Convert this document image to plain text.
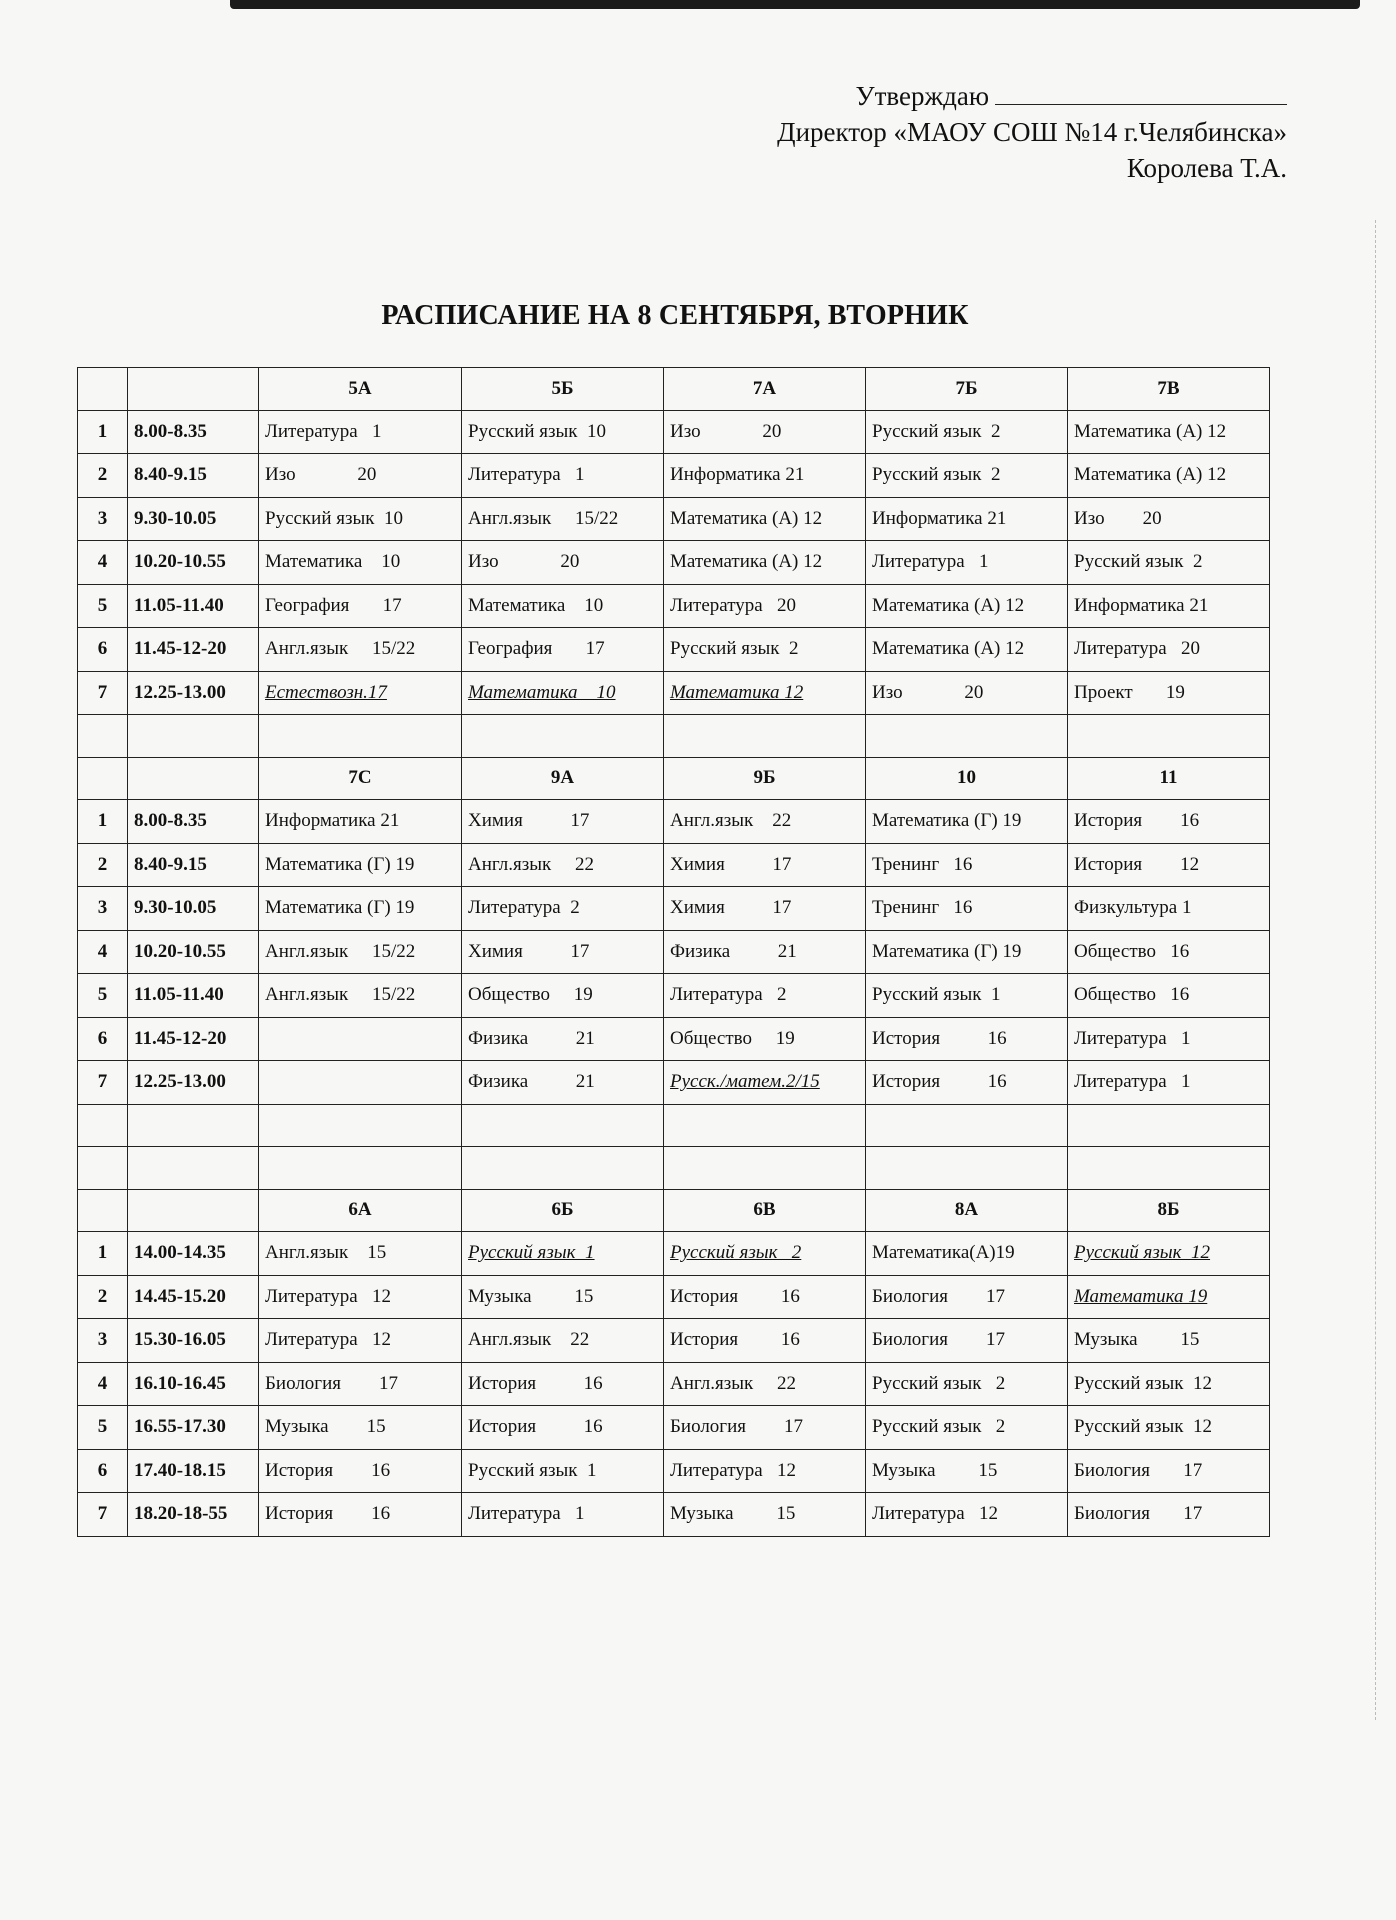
Утверждаю
Директор «МАОУ СОШ №14 г.Челябинска»
Королева Т.А.
РАСПИСАНИЕ НА 8 СЕНТЯБРЯ, ВТОРНИК
		5А	5Б	7А	7Б	7В
1	8.00-8.35	Литература   1	Русский язык  10	Изо             20	Русский язык  2	Математика (А) 12
2	8.40-9.15	Изо             20	Литература   1	Информатика 21	Русский язык  2	Математика (А) 12
3	9.30-10.05	Русский язык  10	Англ.язык     15/22	Математика (А) 12	Информатика 21	Изо        20
4	10.20-10.55	Математика    10	Изо             20	Математика (А) 12	Литература   1	Русский язык  2
5	11.05-11.40	География       17	Математика    10	Литература   20	Математика (А) 12	Информатика 21
6	11.45-12-20	Англ.язык     15/22	География       17	Русский язык  2	Математика (А) 12	Литература   20
7	12.25-13.00	Естествозн.17	Математика    10	Математика 12	Изо             20	Проект       19

		7С	9А	9Б	10	11
1	8.00-8.35	Информатика 21	Химия          17	Англ.язык    22	Математика (Г) 19	История        16
2	8.40-9.15	Математика (Г) 19	Англ.язык     22	Химия          17	Тренинг   16	История        12
3	9.30-10.05	Математика (Г) 19	Литература  2	Химия          17	Тренинг   16	Физкультура 1
4	10.20-10.55	Англ.язык     15/22	Химия          17	Физика          21	Математика (Г) 19	Общество   16
5	11.05-11.40	Англ.язык     15/22	Общество     19	Литература   2	Русский язык  1	Общество   16
6	11.45-12-20		Физика          21	Общество     19	История          16	Литература   1
7	12.25-13.00		Физика          21	Русск./матем.2/15	История          16	Литература   1

		6А	6Б	6В	8А	8Б
1	14.00-14.35	Англ.язык    15	Русский язык  1	Русский язык   2	Математика(А)19	Русский язык  12
2	14.45-15.20	Литература   12	Музыка         15	История         16	Биология        17	Математика 19
3	15.30-16.05	Литература   12	Англ.язык    22	История         16	Биология        17	Музыка         15
4	16.10-16.45	Биология        17	История          16	Англ.язык     22	Русский язык   2	Русский язык  12
5	16.55-17.30	Музыка        15	История          16	Биология        17	Русский язык   2	Русский язык  12
6	17.40-18.15	История        16	Русский язык  1	Литература   12	Музыка         15	Биология       17
7	18.20-18-55	История        16	Литература   1	Музыка         15	Литература   12	Биология       17
